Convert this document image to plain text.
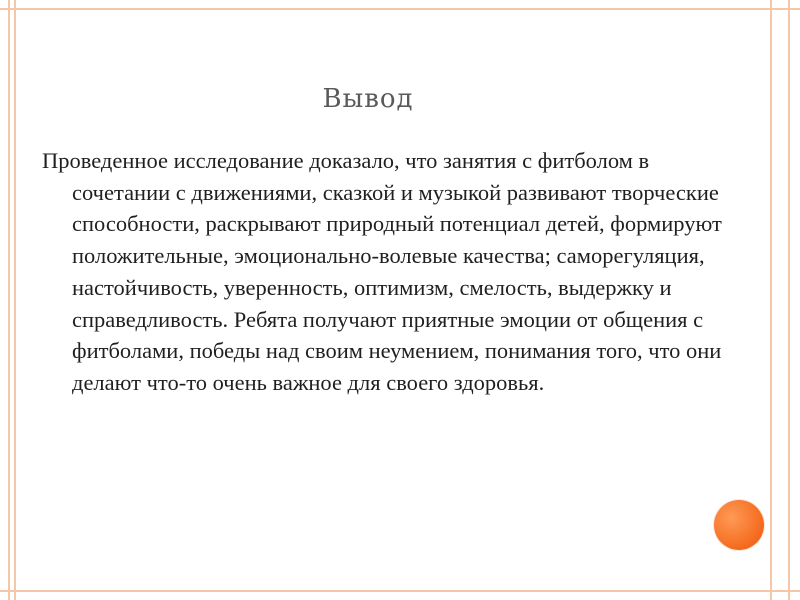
Вывод

Проведенное исследование доказало, что занятия с фитболом в сочетании с движениями, сказкой и музыкой развивают творческие способности, раскрывают природный потенциал детей, формируют положительные, эмоционально-волевые качества; саморегуляция, настойчивость, уверенность, оптимизм, смелость, выдержку и справедливость. Ребята получают приятные эмоции от общения с фитболами, победы над своим неумением, понимания того, что они делают что-то очень важное для своего здоровья.
